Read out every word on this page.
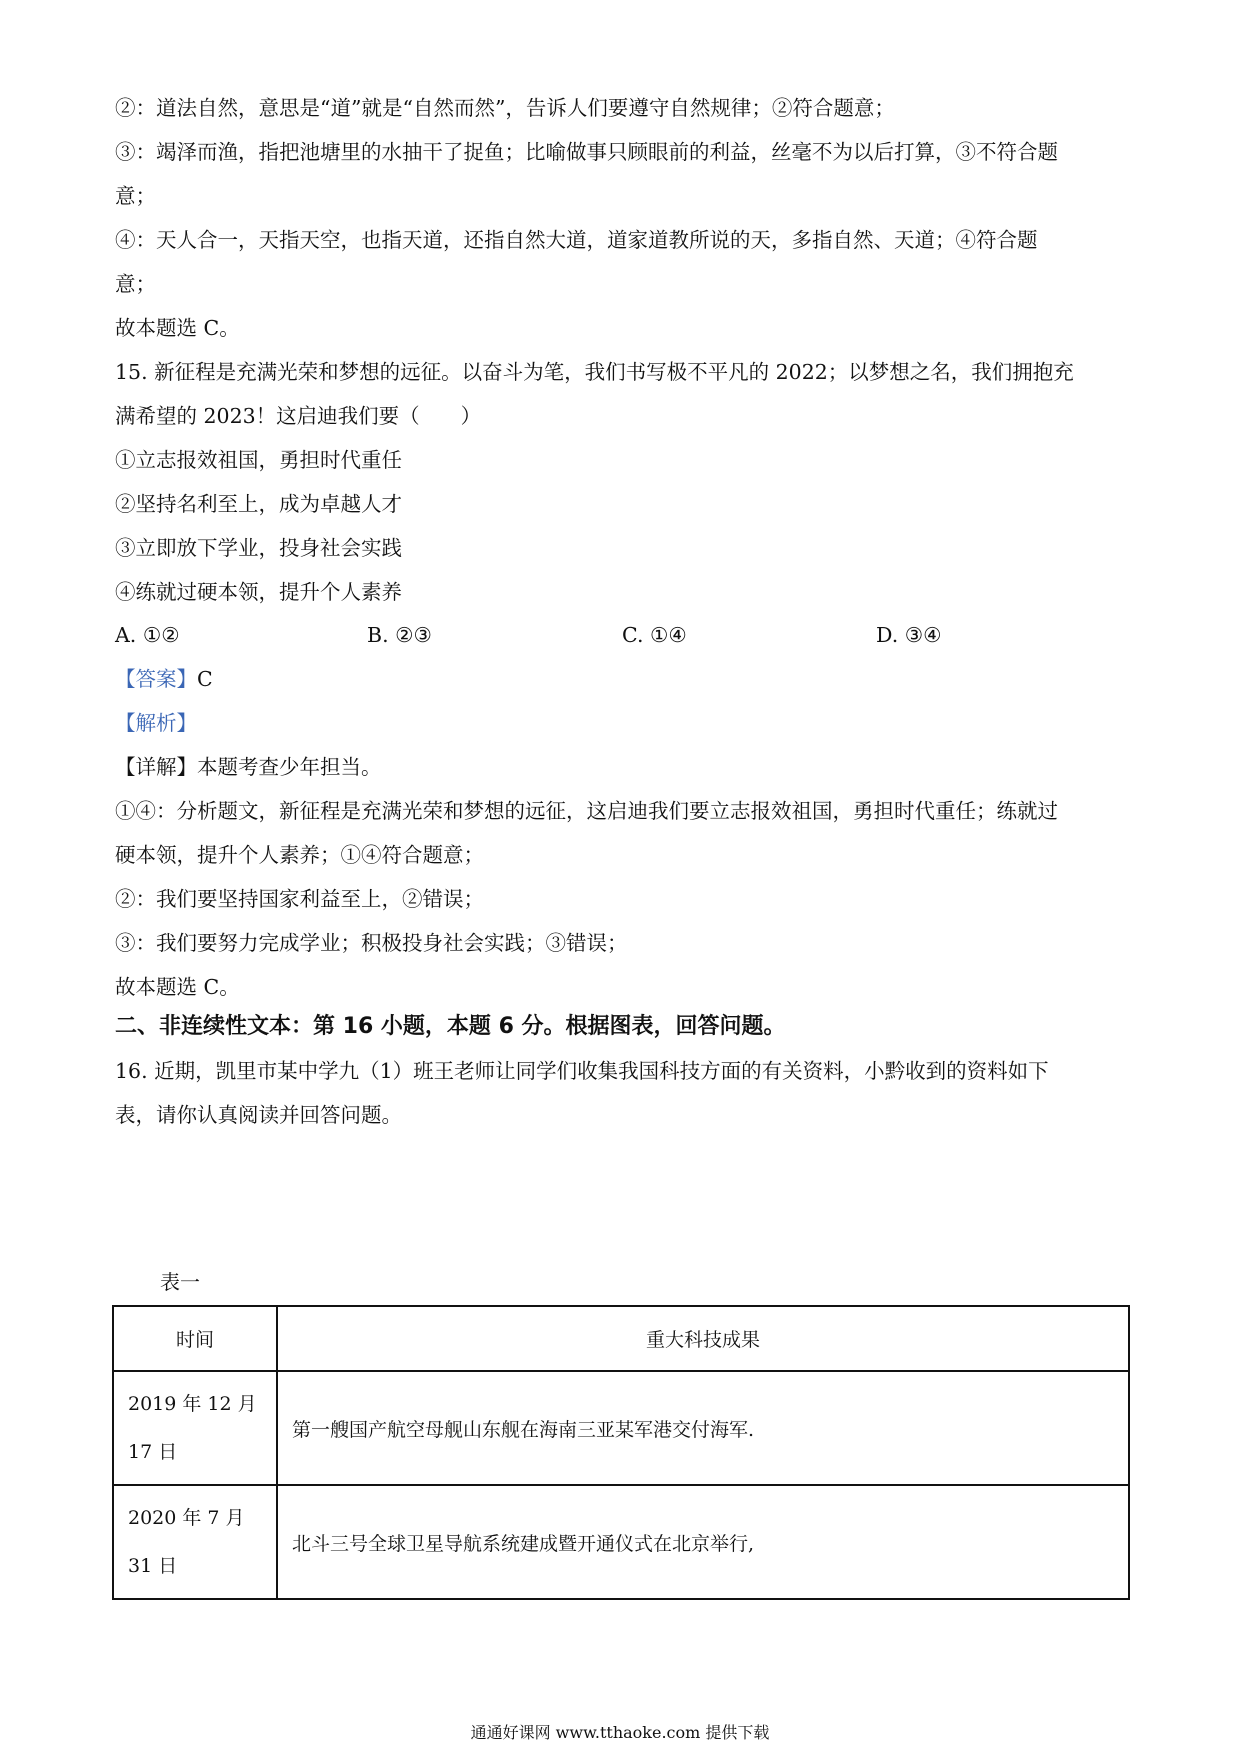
②：道法自然，意思是“道”就是“自然而然”，告诉人们要遵守自然规律；②符合题意；
③：竭泽而渔，指把池塘里的水抽干了捉鱼；比喻做事只顾眼前的利益，丝毫不为以后打算，③不符合题
意；
④：天人合一，天指天空，也指天道，还指自然大道，道家道教所说的天，多指自然、天道；④符合题
意；
故本题选 C。
15. 新征程是充满光荣和梦想的远征。以奋斗为笔，我们书写极不平凡的 2022；以梦想之名，我们拥抱充
满希望的 2023！这启迪我们要（　　）
①立志报效祖国，勇担时代重任
②坚持名利至上，成为卓越人才
③立即放下学业，投身社会实践
④练就过硬本领，提升个人素养
A. ①②	B. ②③	C. ①④	D. ③④
【答案】C
【解析】
【详解】本题考查少年担当。
①④：分析题文，新征程是充满光荣和梦想的远征，这启迪我们要立志报效祖国，勇担时代重任；练就过
硬本领，提升个人素养；①④符合题意；
②：我们要坚持国家利益至上，②错误；
③：我们要努力完成学业；积极投身社会实践；③错误；
故本题选 C。
二、非连续性文本：第 16 小题，本题 6 分。根据图表，回答问题。
16. 近期，凯里市某中学九（1）班王老师让同学们收集我国科技方面的有关资料，小黔收到的资料如下
表，请你认真阅读并回答问题。
表一
时间	重大科技成果

2019 年 12 月
17 日	第一艘国产航空母舰山东舰在海南三亚某军港交付海军.

2020 年 7 月
31 日	北斗三号全球卫星导航系统建成暨开通仪式在北京举行,
通通好课网 www.tthaoke.com 提供下载
